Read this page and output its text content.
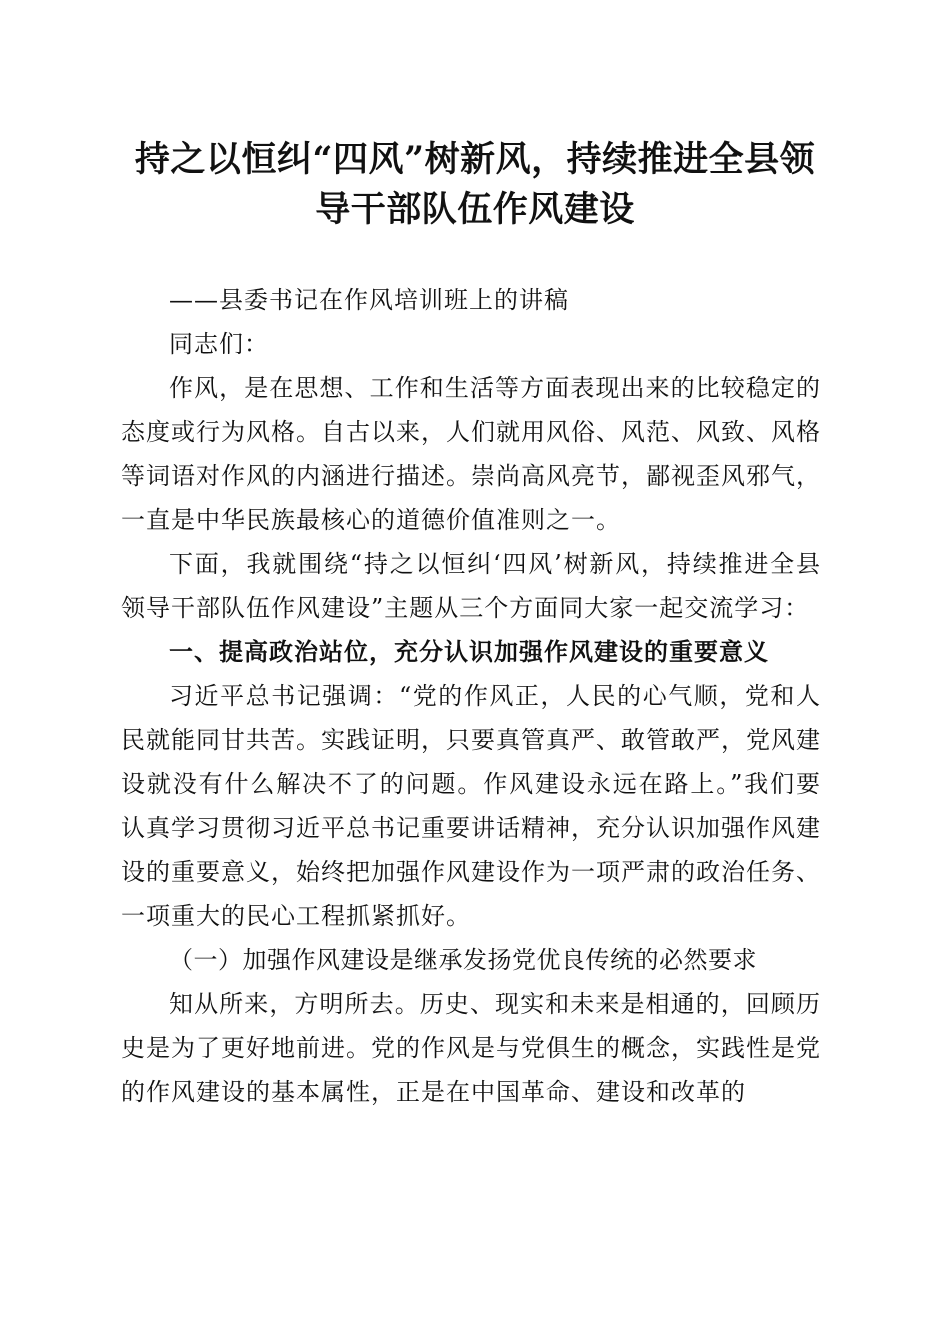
持之以恒纠“四风”树新风，持续推进全县领
导干部队伍作风建设

——县委书记在作风培训班上的讲稿

同志们：

作风，是在思想、工作和生活等方面表现出来的比较稳定的态度或行为风格。自古以来，人们就用风俗、风范、风致、风格等词语对作风的内涵进行描述。崇尚高风亮节，鄙视歪风邪气，一直是中华民族最核心的道德价值准则之一。

下面，我就围绕“持之以恒纠‘四风’树新风，持续推进全县领导干部队伍作风建设”主题从三个方面同大家一起交流学习：

一、提高政治站位，充分认识加强作风建设的重要意义

习近平总书记强调：“党的作风正，人民的心气顺，党和人民就能同甘共苦。实践证明，只要真管真严、敢管敢严，党风建设就没有什么解决不了的问题。作风建设永远在路上。”我们要认真学习贯彻习近平总书记重要讲话精神，充分认识加强作风建设的重要意义，始终把加强作风建设作为一项严肃的政治任务、一项重大的民心工程抓紧抓好。

（一）加强作风建设是继承发扬党优良传统的必然要求

知从所来，方明所去。历史、现实和未来是相通的，回顾历史是为了更好地前进。党的作风是与党俱生的概念，实践性是党的作风建设的基本属性，正是在中国革命、建设和改革的
